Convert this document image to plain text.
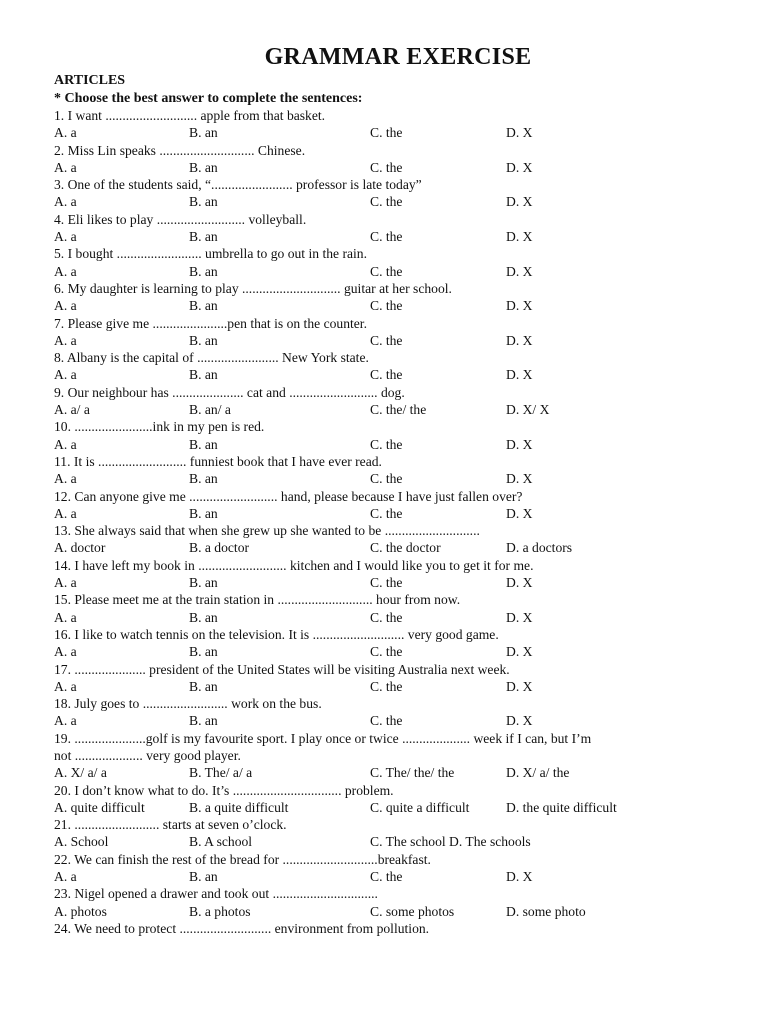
GRAMMAR EXERCISE
ARTICLES
* Choose the best answer to complete the sentences:
1. I want ........................... apple from that basket.
A. a	B. an	C. the	D. X
2. Miss Lin speaks ............................ Chinese.
A. a	B. an	C. the	D. X
3. One of the students said, “........................ professor is late today”
A. a	B. an	C. the	D. X
4. Eli likes to play .......................... volleyball.
A. a	B. an	C. the	D. X
5. I bought ......................... umbrella to go out in the rain.
A. a	B. an	C. the	D. X
6. My daughter is learning to play ............................. guitar at her school.
A. a	B. an	C. the	D. X
7. Please give me ......................pen that is on the counter.
A. a	B. an	C. the	D. X
8. Albany is the capital of ........................ New York state.
A. a	B. an	C. the	D. X
9. Our neighbour has ..................... cat and .......................... dog.
A. a/ a	B. an/ a	C. the/ the	D. X/ X
10. .......................ink in my pen is red.
A. a	B. an	C. the	D. X
11. It is .......................... funniest book that I have ever read.
A. a	B. an	C. the	D. X
12. Can anyone give me .......................... hand, please because I have just fallen over?
A. a	B. an	C. the	D. X
13. She always said that when she grew up she wanted to be ............................
A. doctor	B. a doctor	C. the doctor	D. a doctors
14. I have left my book in .......................... kitchen and I would like you to get it for me.
A. a	B. an	C. the	D. X
15. Please meet me at the train station in ............................ hour from now.
A. a	B. an	C. the	D. X
16. I like to watch tennis on the television. It is ........................... very good game.
A. a	B. an	C. the	D. X
17. ..................... president of the United States will be visiting Australia next week.
A. a	B. an	C. the	D. X
18. July goes to ......................... work on the bus.
A. a	B. an	C. the	D. X
19. .....................golf is my favourite sport. I play once or twice .................... week if I can, but I’m
not .................... very good player.
A. X/ a/ a	B. The/ a/ a	C. The/ the/ the	D. X/ a/ the
20. I don’t know what to do. It’s ................................ problem.
A. quite difficult	B. a quite difficult	C. quite a difficult	D. the quite difficult
21. ......................... starts at seven o’clock.
A. School	B. A school	C. The school D. The schools
22. We can finish the rest of the bread for ............................breakfast.
A. a	B. an	C. the	D. X
23. Nigel opened a drawer and took out ...............................
A. photos	B. a photos	C. some photos	D. some photo
24. We need to protect ........................... environment from pollution.
